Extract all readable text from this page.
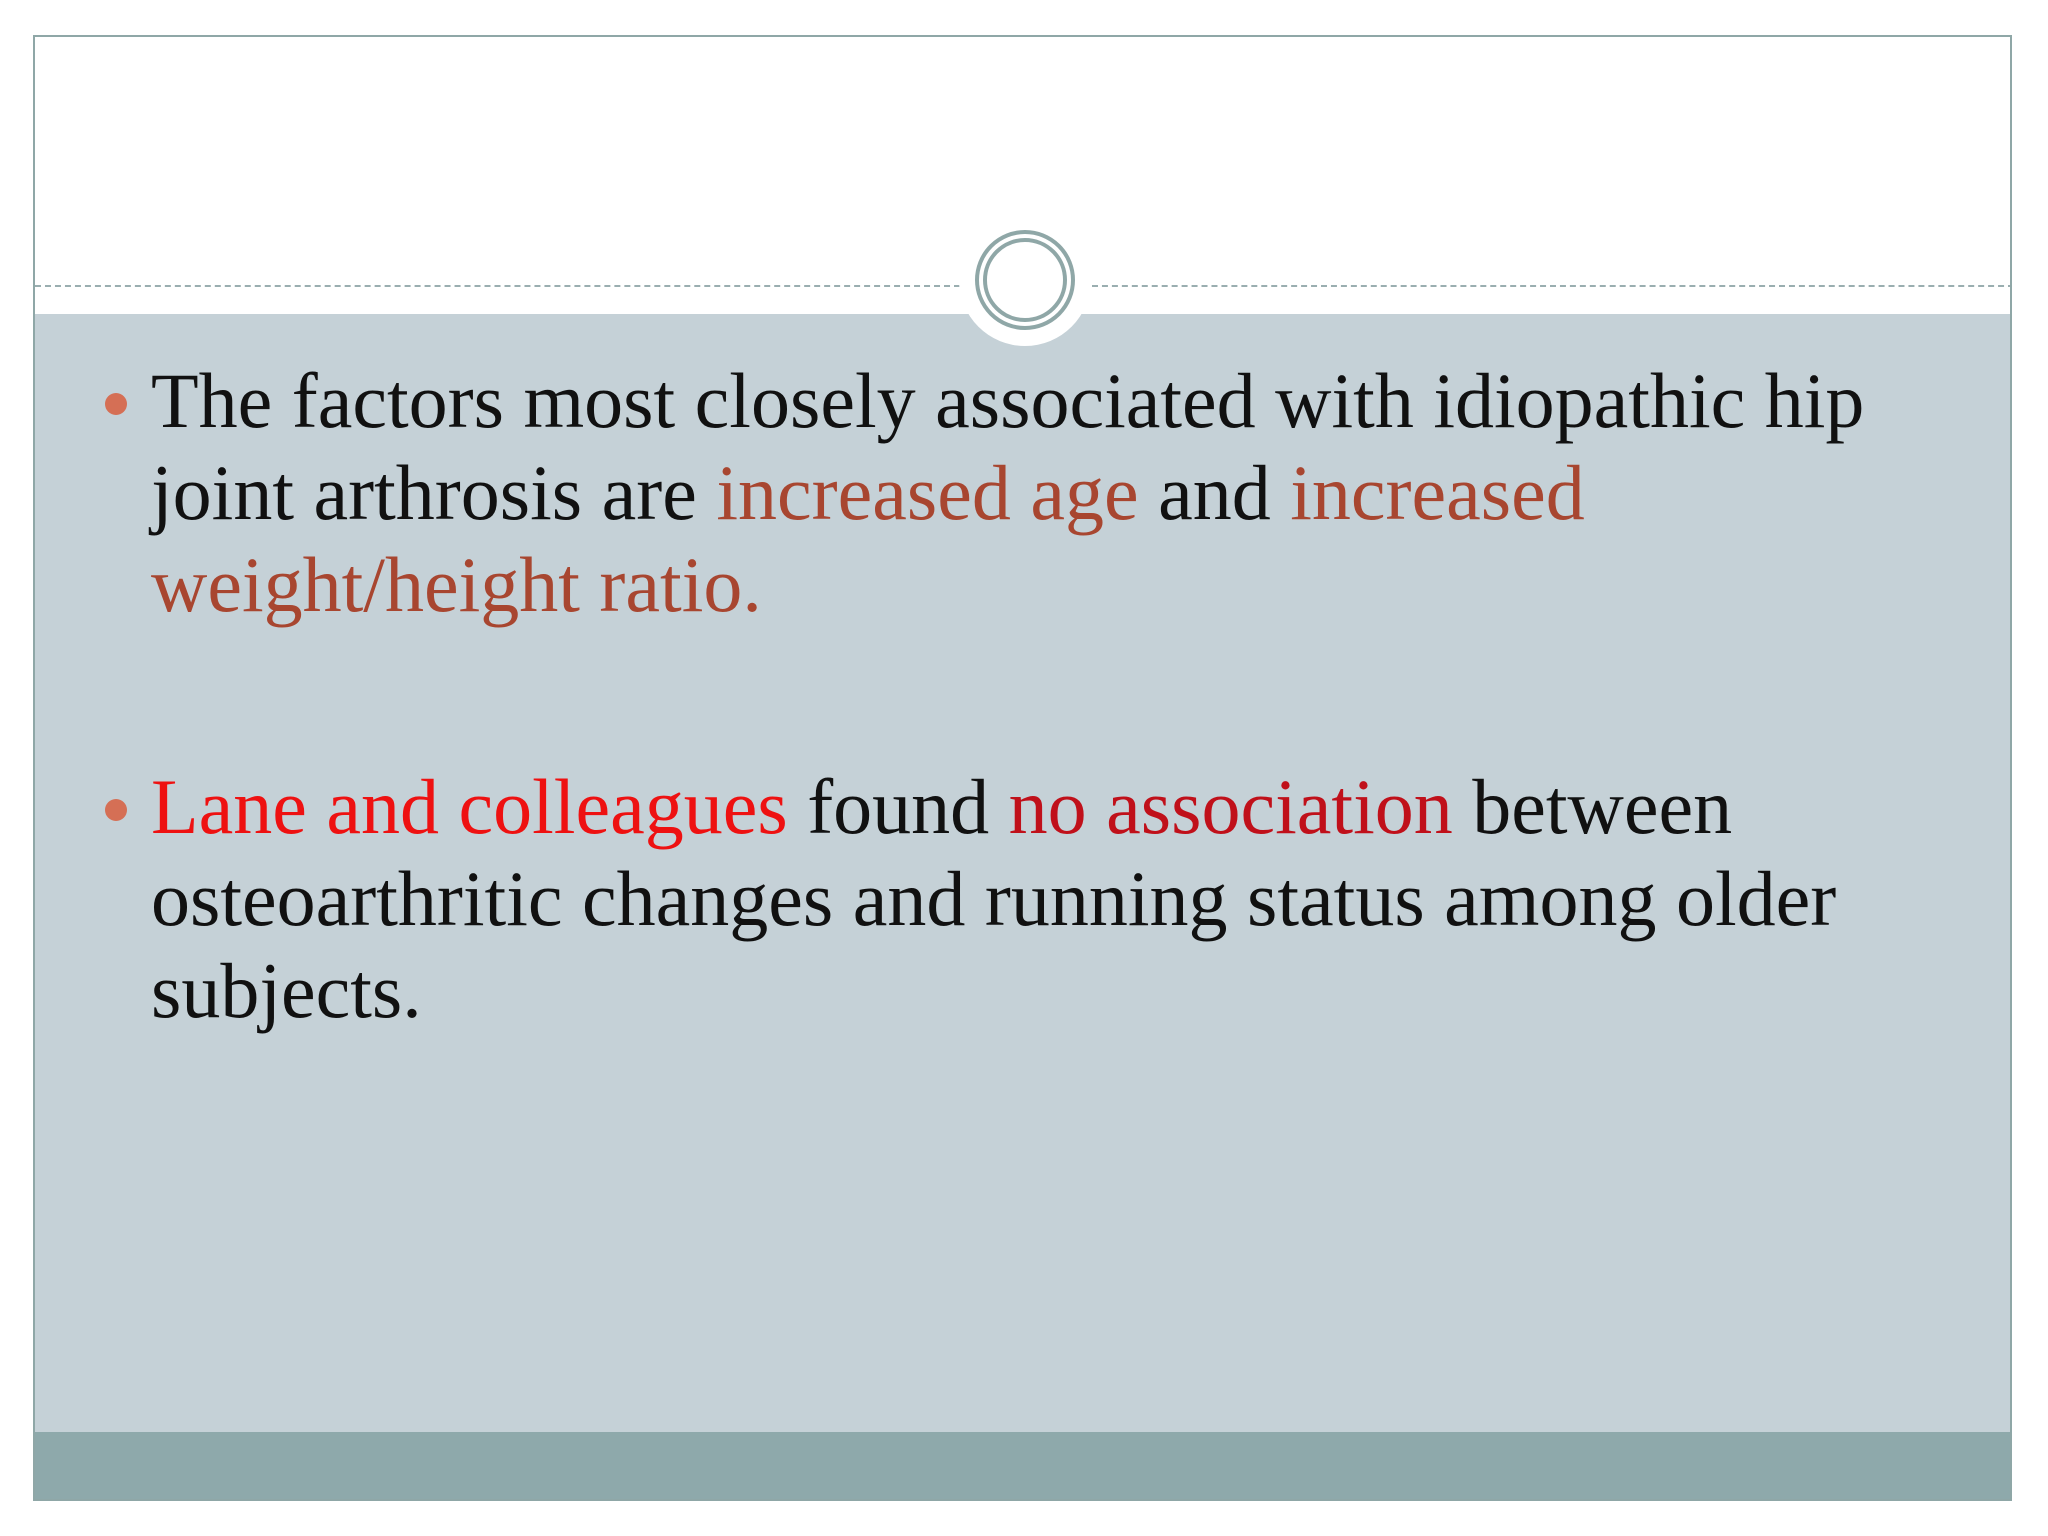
The factors most closely associated with idiopathic hip joint arthrosis are increased age and increased weight/height ratio.
Lane and colleagues found no association between osteoarthritic changes and running status among older subjects.
